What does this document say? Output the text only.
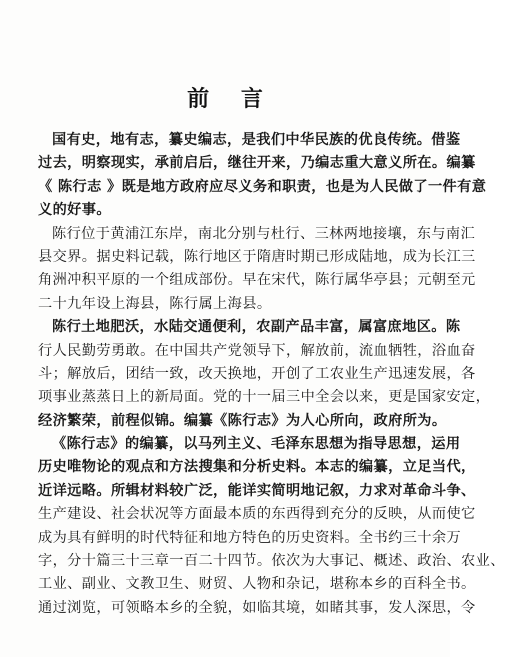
前 言
国有史，地有志，纂史编志，是我们中华民族的优良传统。借鉴
过去，明察现实，承前启后，继往开来，乃编志重大意义所在。编纂
《 陈行志 》既是地方政府应尽义务和职责，也是为人民做了一件有意
义的好事。
陈行位于黄浦江东岸，南北分别与杜行、三林两地接壤，东与南汇
县交界。据史料记载，陈行地区于隋唐时期已形成陆地，成为长江三
角洲冲积平原的一个组成部份。早在宋代，陈行属华亭县；元朝至元
二十九年设上海县，陈行属上海县。
陈行土地肥沃，水陆交通便利，农副产品丰富，属富庶地区。陈
行人民勤劳勇敢。在中国共产党领导下，解放前，流血牺牲，浴血奋
斗；解放后，团结一致，改天换地，开创了工农业生产迅速发展，各
项事业蒸蒸日上的新局面。党的十一届三中全会以来，更是国家安定，
经济繁荣，前程似锦。编纂《陈行志》为人心所向，政府所为。
《陈行志》的编纂，以马列主义、毛泽东思想为指导思想，运用
历史唯物论的观点和方法搜集和分析史料。本志的编纂，立足当代，
近详远略。所辑材料较广泛，能详实简明地记叙，力求对革命斗争、
生产建设、社会状况等方面最本质的东西得到充分的反映，从而使它
成为具有鲜明的时代特征和地方特色的历史资料。全书约三十余万
字，分十篇三十三章一百二十四节。依次为大事记、概述、政治、农业、
工业、副业、文教卫生、财贸、人物和杂记，堪称本乡的百科全书。
通过浏览，可领略本乡的全貌，如临其境，如睹其事，发人深思，令
